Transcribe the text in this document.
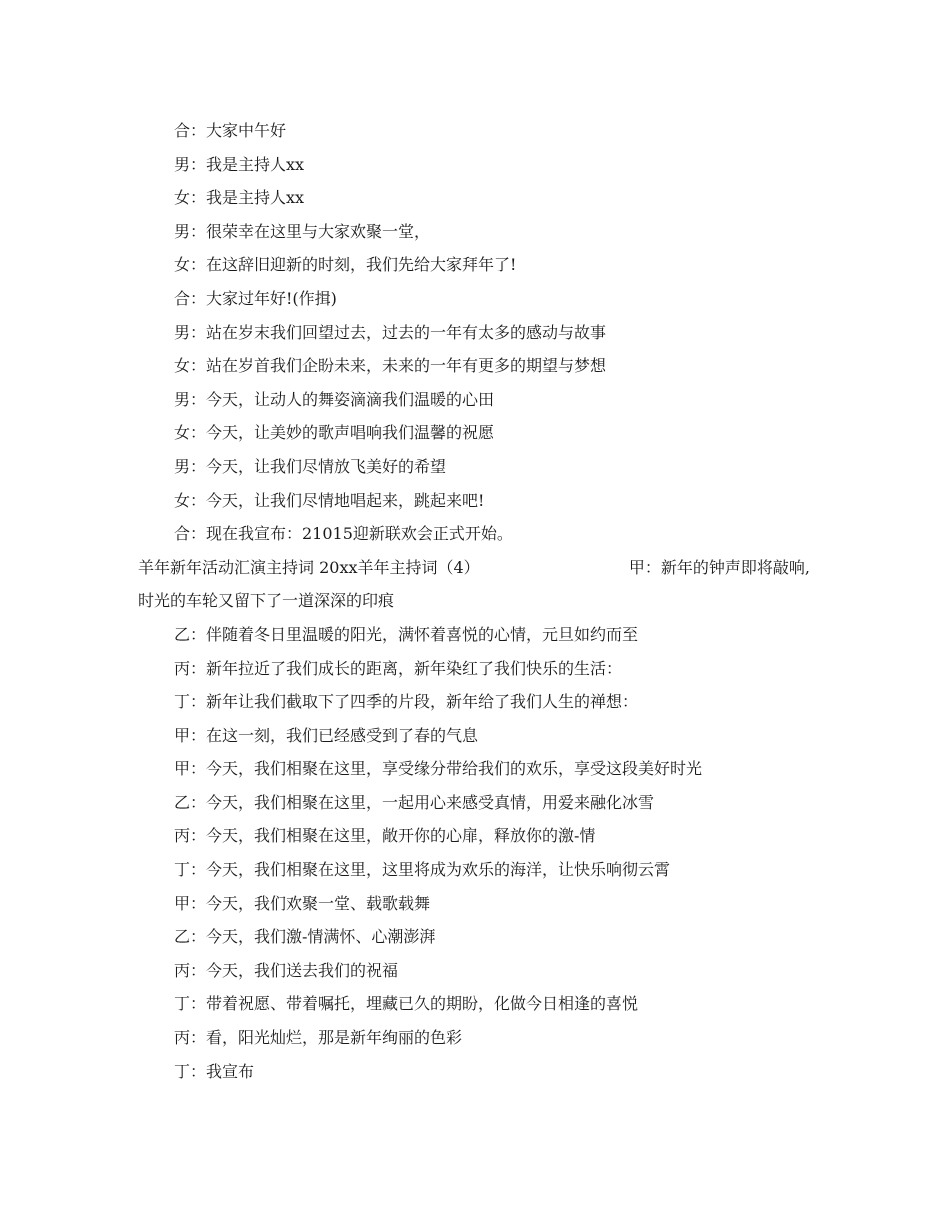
合：大家中午好

男：我是主持人xx

女：我是主持人xx

男：很荣幸在这里与大家欢聚一堂，

女：在这辞旧迎新的时刻，我们先给大家拜年了!

合：大家过年好!(作揖)

男：站在岁末我们回望过去，过去的一年有太多的感动与故事

女：站在岁首我们企盼未来，未来的一年有更多的期望与梦想

男：今天，让动人的舞姿滴滴我们温暖的心田

女：今天，让美妙的歌声唱响我们温馨的祝愿

男：今天，让我们尽情放飞美好的希望

女：今天，让我们尽情地唱起来，跳起来吧!

合：现在我宣布：21015迎新联欢会正式开始。

羊年新年活动汇演主持词 20xx羊年主持词（4）	甲：新年的钟声即将敲响,

时光的车轮又留下了一道深深的印痕

乙：伴随着冬日里温暖的阳光，满怀着喜悦的心情，元旦如约而至

丙：新年拉近了我们成长的距离，新年染红了我们快乐的生活：

丁：新年让我们截取下了四季的片段，新年给了我们人生的禅想：

甲：在这一刻，我们已经感受到了春的气息

甲：今天，我们相聚在这里，享受缘分带给我们的欢乐，享受这段美好时光

乙：今天，我们相聚在这里，一起用心来感受真情，用爱来融化冰雪

丙：今天，我们相聚在这里，敞开你的心扉，释放你的激-情

丁：今天，我们相聚在这里，这里将成为欢乐的海洋，让快乐响彻云霄

甲：今天，我们欢聚一堂、载歌载舞

乙：今天，我们激-情满怀、心潮澎湃

丙：今天，我们送去我们的祝福

丁：带着祝愿、带着嘱托，埋藏已久的期盼，化做今日相逢的喜悦

丙：看，阳光灿烂，那是新年绚丽的色彩

丁：我宣布
